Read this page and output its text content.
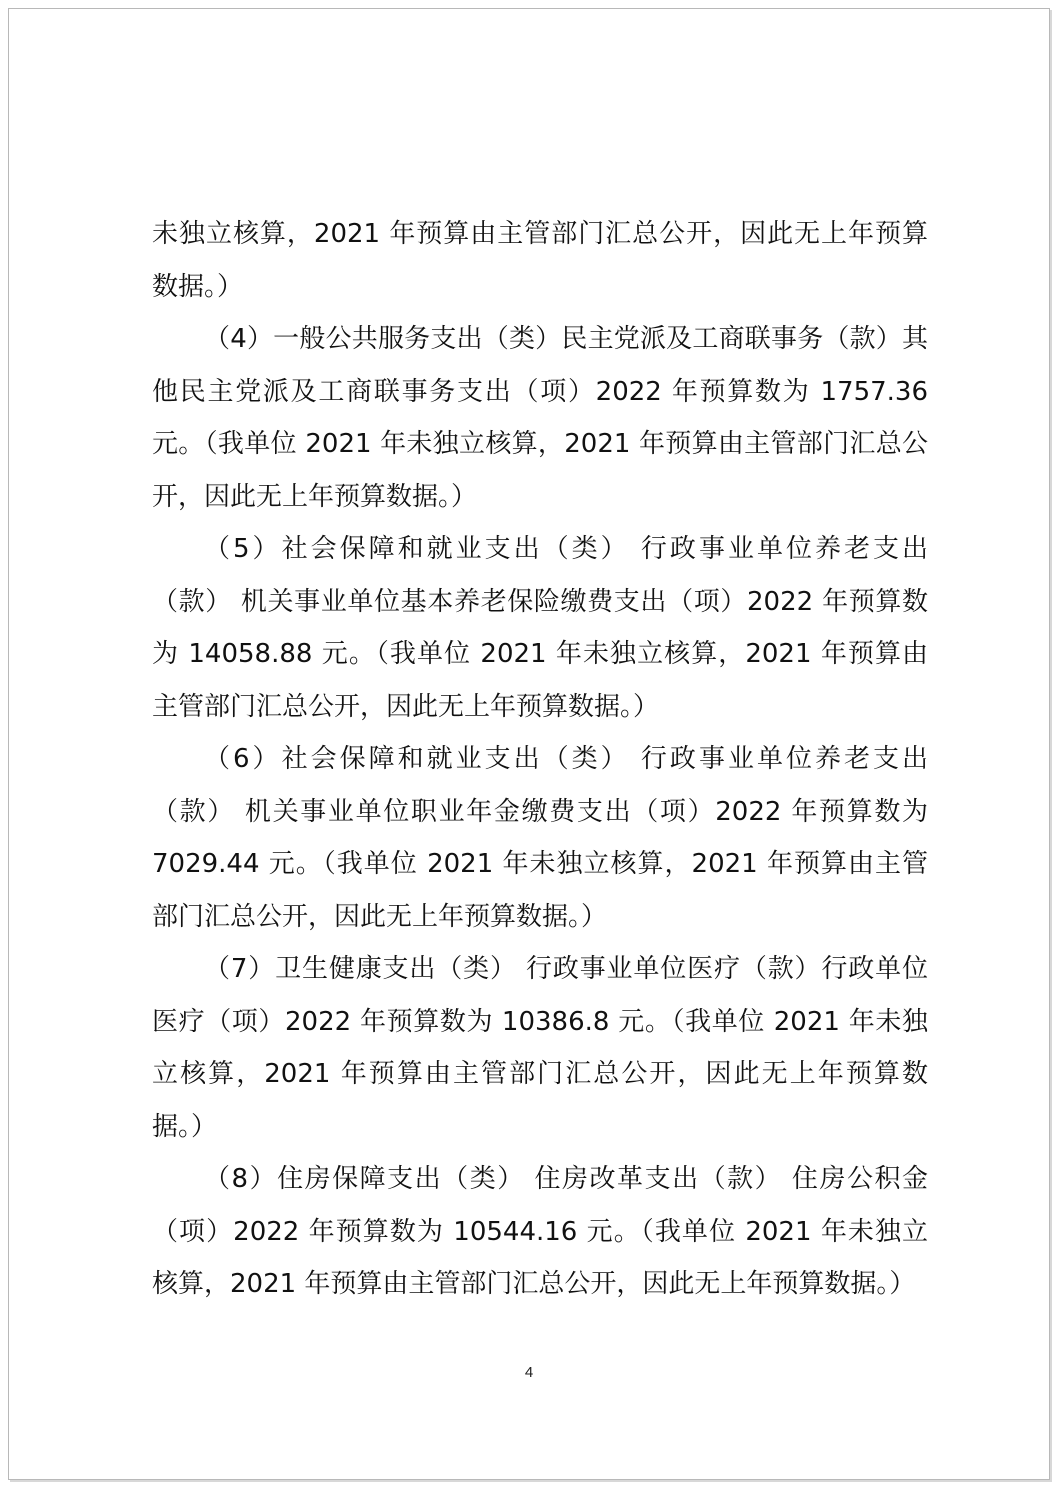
未独立核算，2021 年预算由主管部门汇总公开，因此无上年预算数据。）

（4）一般公共服务支出（类）民主党派及工商联事务（款）其他民主党派及工商联事务支出（项）2022 年预算数为 1757.36 元。（我单位 2021 年未独立核算，2021 年预算由主管部门汇总公开，因此无上年预算数据。）

（5）社会保障和就业支出（类） 行政事业单位养老支出（款） 机关事业单位基本养老保险缴费支出（项）2022 年预算数为 14058.88 元。（我单位 2021 年未独立核算，2021 年预算由主管部门汇总公开，因此无上年预算数据。）

（6）社会保障和就业支出（类） 行政事业单位养老支出（款） 机关事业单位职业年金缴费支出（项）2022 年预算数为 7029.44 元。（我单位 2021 年未独立核算，2021 年预算由主管部门汇总公开，因此无上年预算数据。）

（7）卫生健康支出（类） 行政事业单位医疗（款）行政单位医疗（项）2022 年预算数为 10386.8 元。（我单位 2021 年未独立核算，2021 年预算由主管部门汇总公开，因此无上年预算数据。）

（8）住房保障支出（类） 住房改革支出（款） 住房公积金（项）2022 年预算数为 10544.16 元。（我单位 2021 年未独立核算，2021 年预算由主管部门汇总公开，因此无上年预算数据。）

4
